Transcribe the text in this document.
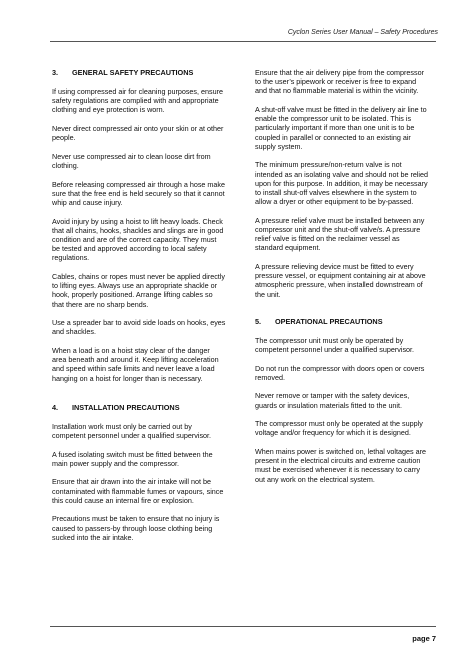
Cyclon Series User Manual – Safety Procedures
3. GENERAL SAFETY PRECAUTIONS

If using compressed air for cleaning purposes, ensure safety regulations are complied with and appropriate clothing and eye protection is worn.

Never direct compressed air onto your skin or at other people.

Never use compressed air to clean loose dirt from clothing.

Before releasing compressed air through a hose make sure that the free end is held securely so that it cannot whip and cause injury.

Avoid injury by using a hoist to lift heavy loads. Check that all chains, hooks, shackles and slings are in good condition and are of the correct capacity. They must be tested and approved according to local safety regulations.

Cables, chains or ropes must never be applied directly to lifting eyes. Always use an appropriate shackle or hook, properly positioned. Arrange lifting cables so that there are no sharp bends.

Use a spreader bar to avoid side loads on hooks, eyes and shackles.

When a load is on a hoist stay clear of the danger area beneath and around it. Keep lifting acceleration and speed within safe limits and never leave a load hanging on a hoist for longer than is necessary.

4. INSTALLATION PRECAUTIONS

Installation work must only be carried out by competent personnel under a qualified supervisor.

A fused isolating switch must be fitted between the main power supply and the compressor.

Ensure that air drawn into the air intake will not be contaminated with flammable fumes or vapours, since this could cause an internal fire or explosion.

Precautions must be taken to ensure that no injury is caused to passers-by through loose clothing being sucked into the air intake.

Ensure that the air delivery pipe from the compressor to the user’s pipework or receiver is free to expand and that no flammable material is within the vicinity.

A shut-off valve must be fitted in the delivery air line to enable the compressor unit to be isolated. This is particularly important if more than one unit is to be coupled in parallel or connected to an existing air supply system.

The minimum pressure/non-return valve is not intended as an isolating valve and should not be relied upon for this purpose. In addition, it may be necessary to install shut-off valves elsewhere in the system to allow a dryer or other equipment to be by-passed.

A pressure relief valve must be installed between any compressor unit and the shut-off valve/s. A pressure relief valve is fitted on the reclaimer vessel as standard equipment.

A pressure relieving device must be fitted to every pressure vessel, or equipment containing air at above atmospheric pressure, when installed downstream of the unit.

5. OPERATIONAL PRECAUTIONS

The compressor unit must only be operated by competent personnel under a qualified supervisor.

Do not run the compressor with doors open or covers removed.

Never remove or tamper with the safety devices, guards or insulation materials fitted to the unit.

The compressor must only be operated at the supply voltage and/or frequency for which it is designed.

When mains power is switched on, lethal voltages are present in the electrical circuits and extreme caution must be exercised whenever it is necessary to carry out any work on the electrical system.

page 7
